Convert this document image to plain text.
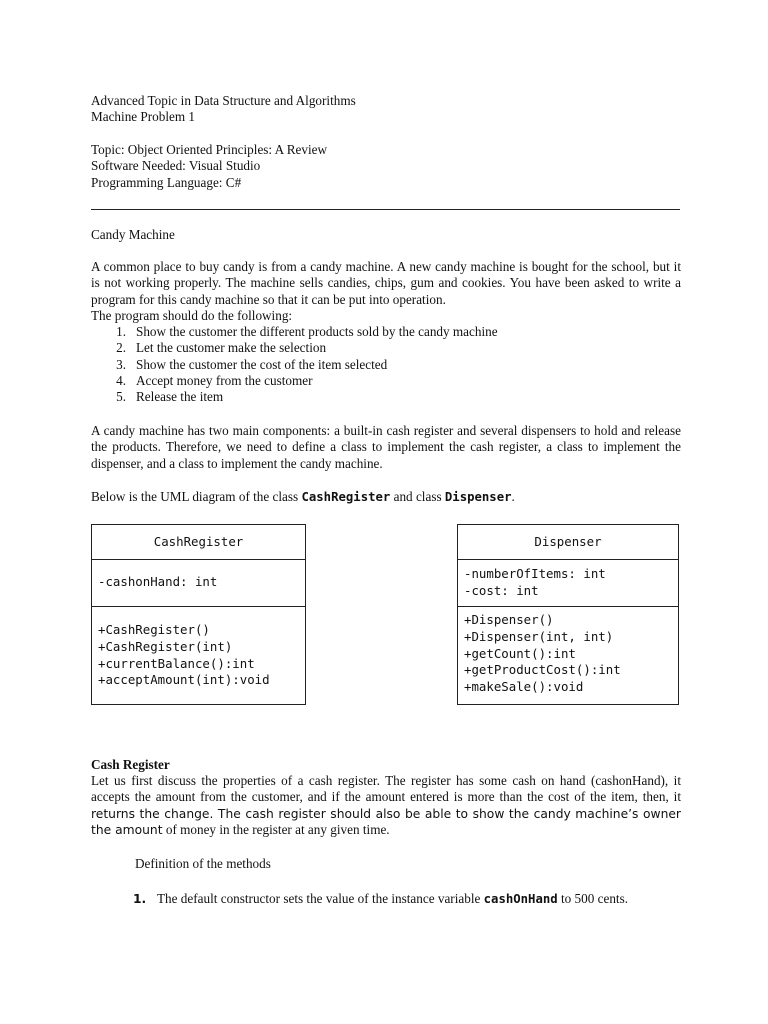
Advanced Topic in Data Structure and Algorithms

Machine Problem 1

Topic: Object Oriented Principles: A Review

Software Needed: Visual Studio

Programming Language: C#

Candy Machine

A common place to buy candy is from a candy machine. A new candy machine is bought for the school, but it is not working properly. The machine sells candies, chips, gum and cookies. You have been asked to write a program for this candy machine so that it can be put into operation.

The program should do the following:

1. Show the customer the different products sold by the candy machine
2. Let the customer make the selection
3. Show the customer the cost of the item selected
4. Accept money from the customer
5. Release the item

A candy machine has two main components: a built-in cash register and several dispensers to hold and release the products. Therefore, we need to define a class to implement the cash register, a class to implement the dispenser, and a class to implement the candy machine.

Below is the UML diagram of the class CashRegister and class Dispenser.

CashRegister
-cashonHand: int
+CashRegister()
+CashRegister(int)
+currentBalance():int
+acceptAmount(int):void
Dispenser
-numberOfItems: int
-cost: int
+Dispenser()
+Dispenser(int, int)
+getCount():int
+getProductCost():int
+makeSale():void

Cash Register

Let us first discuss the properties of a cash register. The register has some cash on hand (cashonHand), it accepts the amount from the customer, and if the amount entered is more than the cost of the item, then, it returns the change. The cash register should also be able to show the candy machine’s owner the amount of money in the register at any given time.

Definition of the methods

1. The default constructor sets the value of the instance variable cashOnHand to 500 cents.
